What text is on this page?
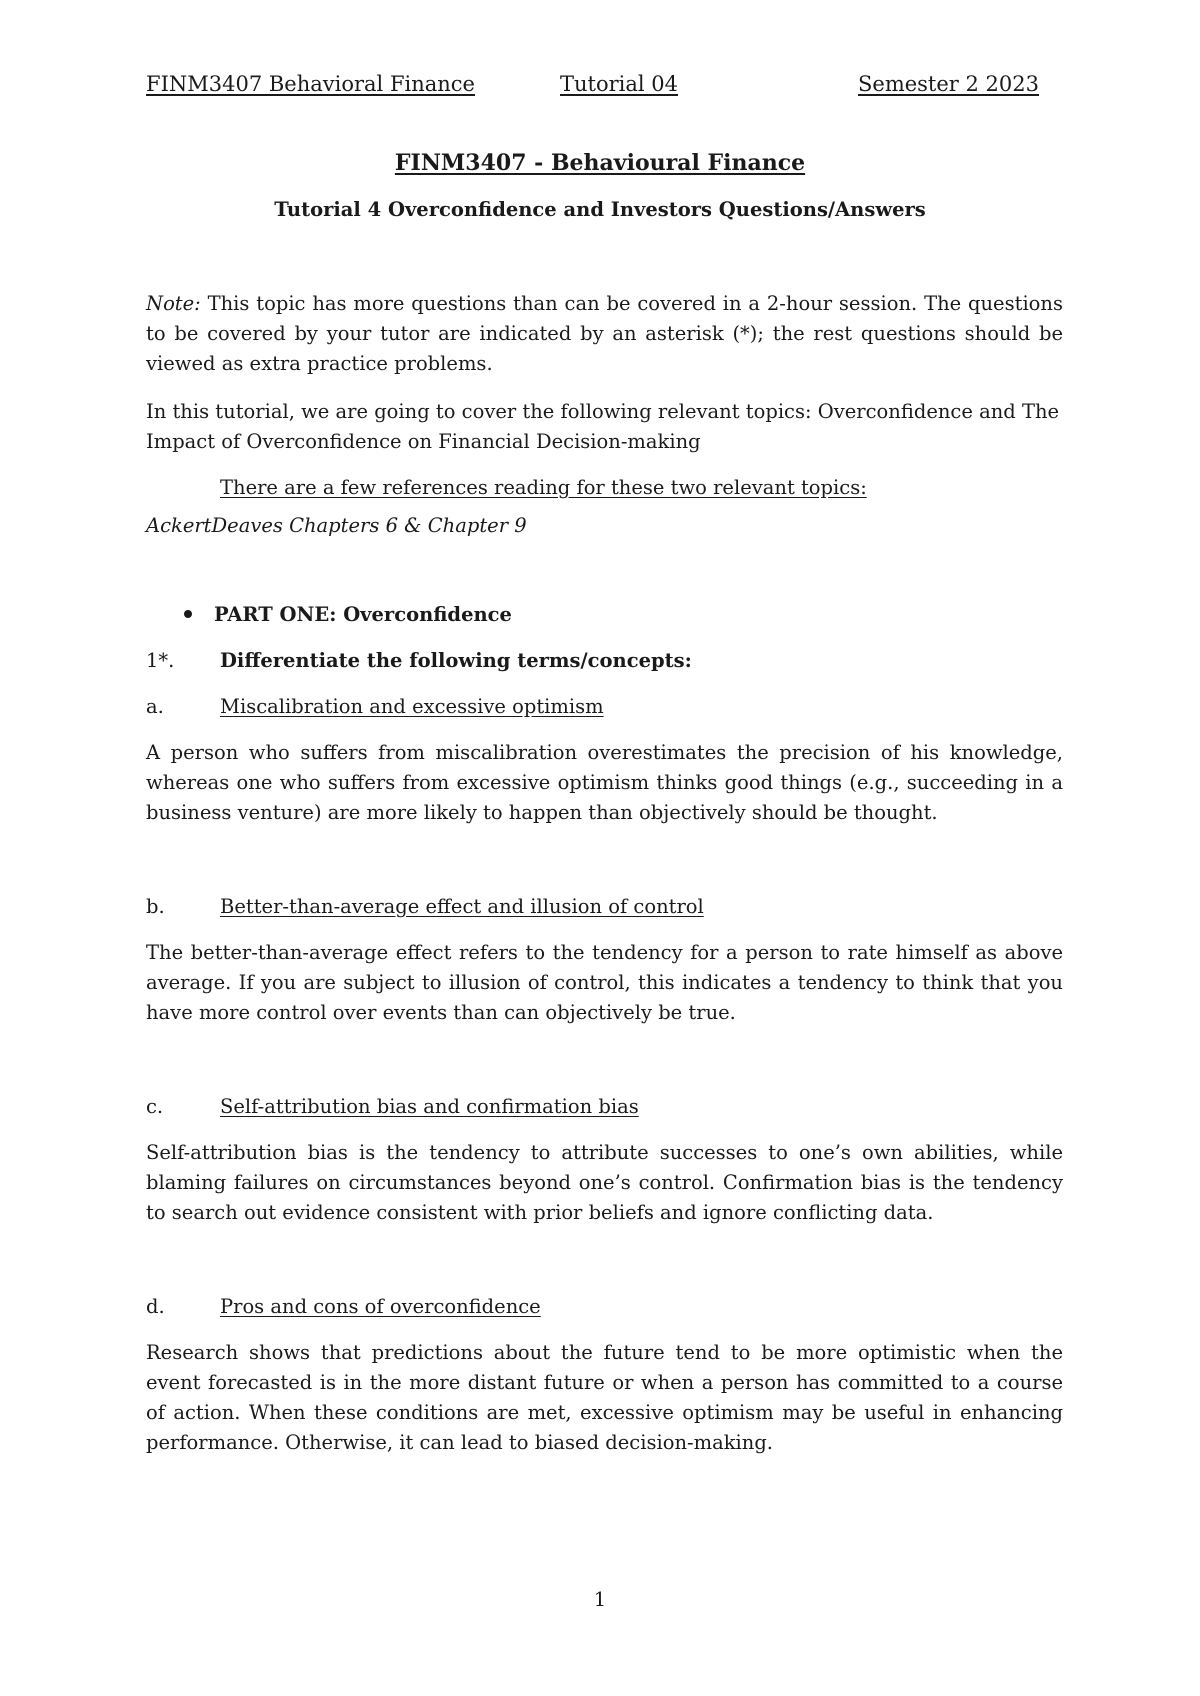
FINM3407 Behavioral Finance	Tutorial 04	Semester 2 2023
FINM3407 - Behavioural Finance
Tutorial 4 Overconfidence and Investors Questions/Answers
Note: This topic has more questions than can be covered in a 2-hour session. The questions to be covered by your tutor are indicated by an asterisk (*); the rest questions should be viewed as extra practice problems.
In this tutorial, we are going to cover the following relevant topics: Overconfidence and The Impact of Overconfidence on Financial Decision-making
There are a few references reading for these two relevant topics:
AckertDeaves Chapters 6 & Chapter 9
PART ONE: Overconfidence
1*. Differentiate the following terms/concepts:
a.	Miscalibration and excessive optimism
A person who suffers from miscalibration overestimates the precision of his knowledge, whereas one who suffers from excessive optimism thinks good things (e.g., succeeding in a business venture) are more likely to happen than objectively should be thought.
b.	Better-than-average effect and illusion of control
The better-than-average effect refers to the tendency for a person to rate himself as above average. If you are subject to illusion of control, this indicates a tendency to think that you have more control over events than can objectively be true.
c.	Self-attribution bias and confirmation bias
Self-attribution bias is the tendency to attribute successes to one’s own abilities, while blaming failures on circumstances beyond one’s control. Confirmation bias is the tendency to search out evidence consistent with prior beliefs and ignore conflicting data.
d.	Pros and cons of overconfidence
Research shows that predictions about the future tend to be more optimistic when the event forecasted is in the more distant future or when a person has committed to a course of action. When these conditions are met, excessive optimism may be useful in enhancing performance. Otherwise, it can lead to biased decision-making.
1
